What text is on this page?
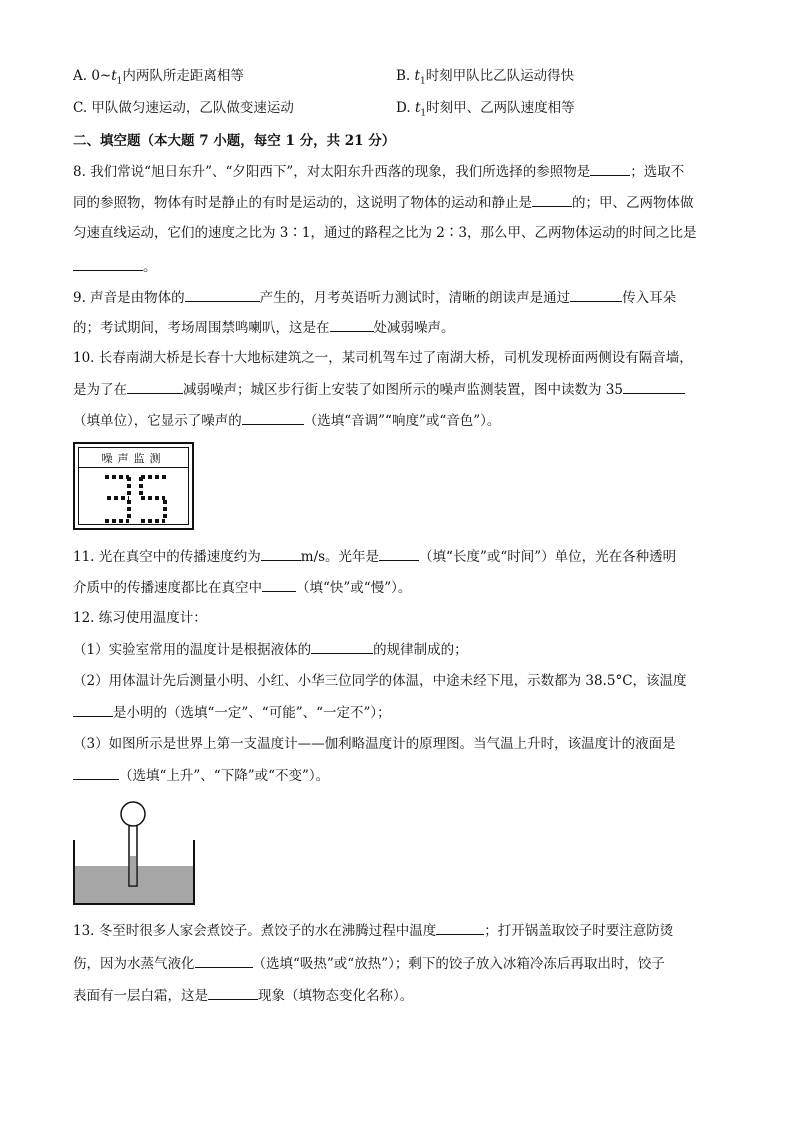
A. $0\sim t_1$内两队所走距离相等	B. $t_1$时刻甲队比乙队运动得快
C. 甲队做匀速运动，乙队做变速运动	D. $t_1$时刻甲、乙两队速度相等
二、填空题（本大题 7 小题，每空 1 分，共 21 分）
8. 我们常说“旭日东升”、“夕阳西下”，对太阳东升西落的现象，我们所选择的参照物是	；选取不
同的参照物，物体有时是静止的有时是运动的，这说明了物体的运动和静止是	的；甲、乙两物体做
匀速直线运动，它们的速度之比为 3∶1，通过的路程之比为 2∶3，那么甲、乙两物体运动的时间之比是
。
9. 声音是由物体的	产生的，月考英语听力测试时，清晰的朗读声是通过	传入耳朵
的；考试期间，考场周围禁鸣喇叭，这是在	处减弱噪声。
10. 长春南湖大桥是长春十大地标建筑之一，某司机驾车过了南湖大桥，司机发现桥面两侧设有隔音墙，
是为了在	减弱噪声；城区步行街上安装了如图所示的噪声监测装置，图中读数为 35
（填单位），它显示了噪声的	（选填“音调”“响度”或“音色”）。
噪声监测
11. 光在真空中的传播速度约为	m/s。光年是	（填“长度”或“时间”）单位，光在各种透明
介质中的传播速度都比在真空中	（填“快”或“慢”）。
12. 练习使用温度计：
（1）实验室常用的温度计是根据液体的	的规律制成的；
（2）用体温计先后测量小明、小红、小华三位同学的体温，中途未经下甩，示数都为 38.5°C，该温度
是小明的（选填“一定”、“可能”、“一定不”）；
（3）如图所示是世界上第一支温度计——伽利略温度计的原理图。当气温上升时，该温度计的液面是
（选填“上升”、“下降”或“不变”）。
13. 冬至时很多人家会煮饺子。煮饺子的水在沸腾过程中温度	；打开锅盖取饺子时要注意防烫
伤，因为水蒸气液化	（选填“吸热”或“放热”）；剩下的饺子放入冰箱冷冻后再取出时，饺子
表面有一层白霜，这是	现象（填物态变化名称）。
